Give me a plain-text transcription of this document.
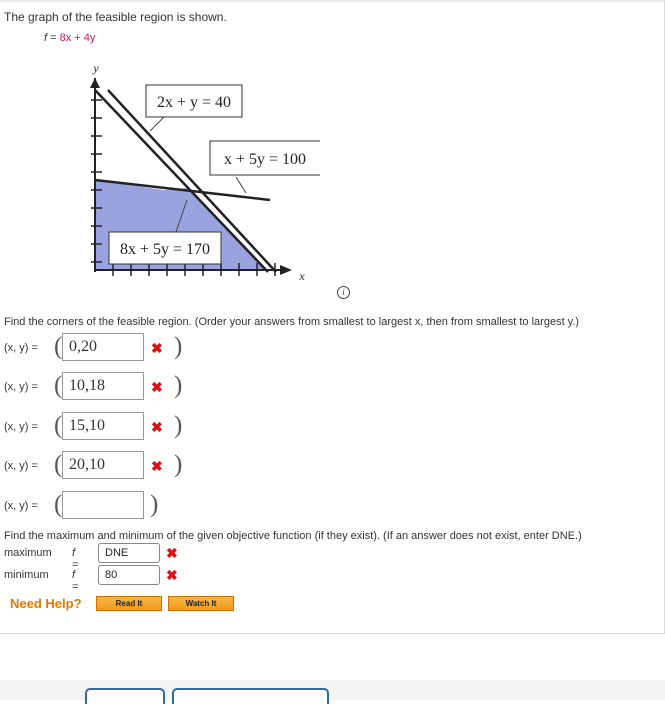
The graph of the feasible region is shown.
f = 8x + 4y
2x + y = 40
x + 5y = 100
8x + 5y = 170
y
x
i
Find the corners of the feasible region. (Order your answers from smallest to largest x, then from smallest to largest y.)
(x, y) = ( 0,20	✖ )
(x, y) = ( 10,18	✖ )
(x, y) = ( 15,10	✖ )
(x, y) = ( 20,10	✖ )
(x, y) = (	)
Find the maximum and minimum of the given objective function (if they exist). (If an answer does not exist, enter DNE.)
maximum f =
DNE	✖
minimum f =
80	✖
Need Help?	Read It	Watch It
